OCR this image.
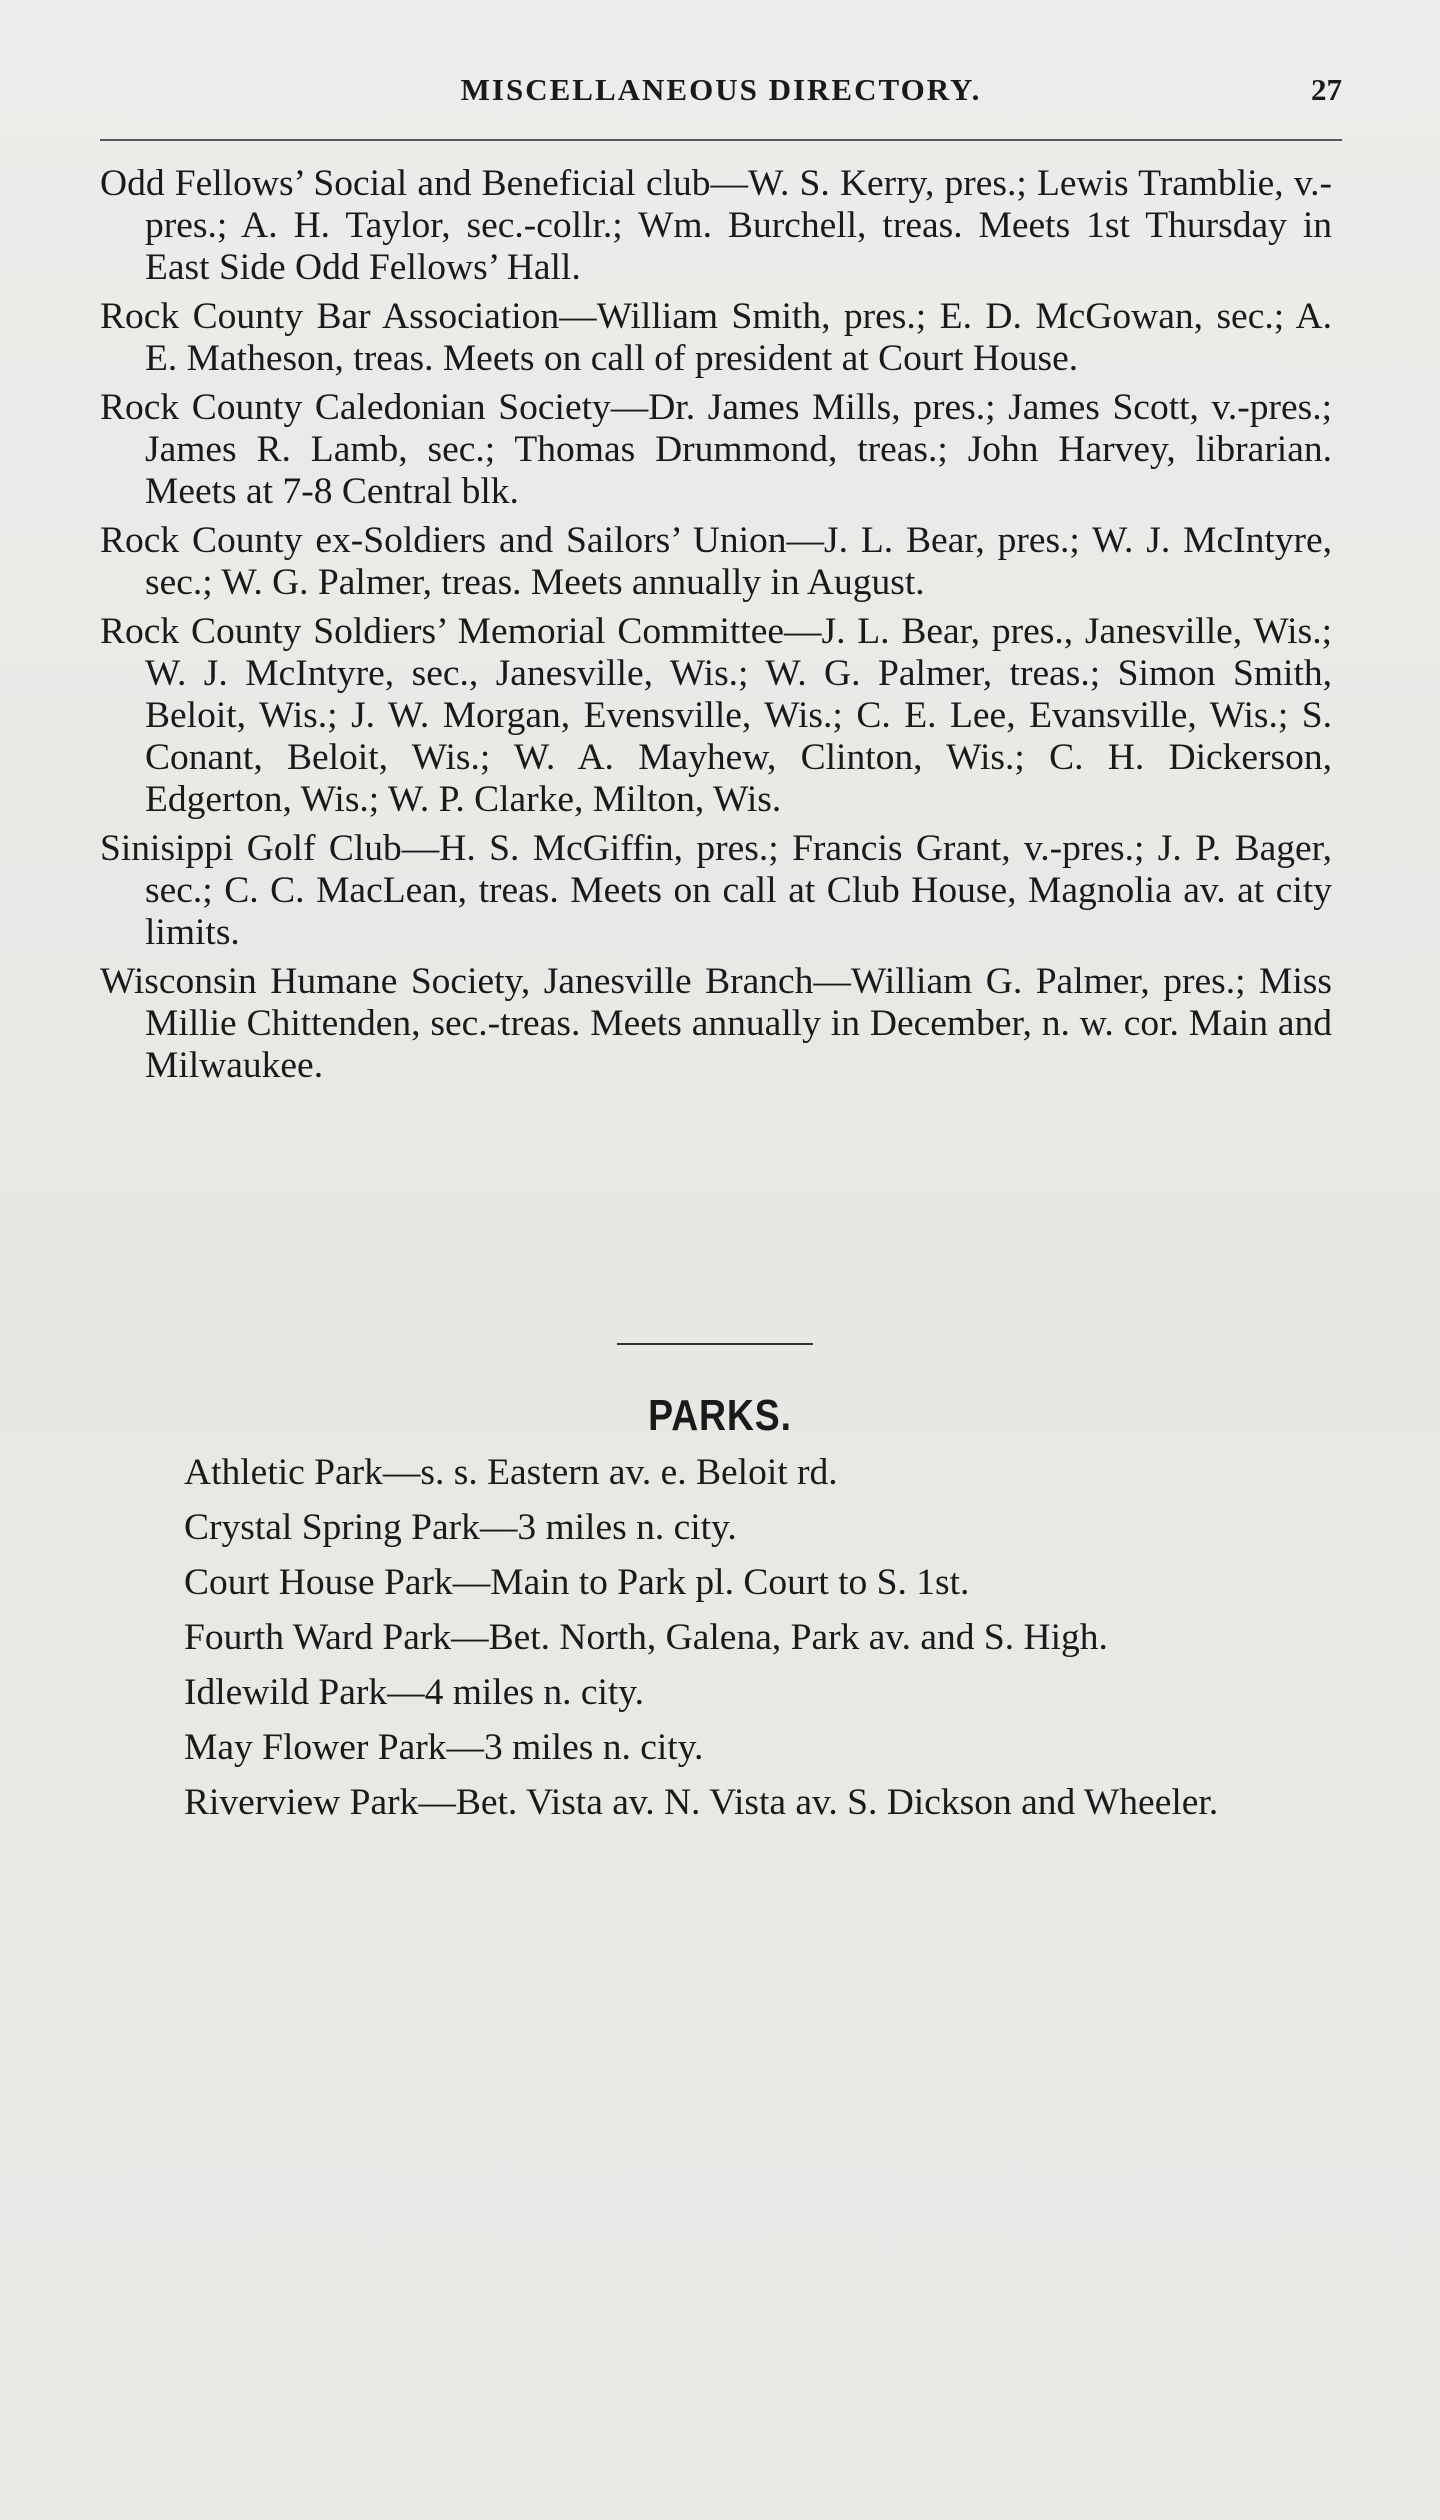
MISCELLANEOUS DIRECTORY.	27
Odd Fellows’ Social and Beneficial club—W. S. Kerry, pres.; Lewis Tramblie, v.-pres.; A. H. Taylor, sec.-collr.; Wm. Burchell, treas. Meets 1st Thursday in East Side Odd Fellows’ Hall.
Rock County Bar Association—William Smith, pres.; E. D. McGowan, sec.; A. E. Matheson, treas. Meets on call of president at Court House.
Rock County Caledonian Society—Dr. James Mills, pres.; James Scott, v.-pres.; James R. Lamb, sec.; Thomas Drummond, treas.; John Harvey, librarian. Meets at 7-8 Central blk.
Rock County ex-Soldiers and Sailors’ Union—J. L. Bear, pres.; W. J. McIntyre, sec.; W. G. Palmer, treas. Meets annually in August.
Rock County Soldiers’ Memorial Committee—J. L. Bear, pres., Janesville, Wis.; W. J. McIntyre, sec., Janesville, Wis.; W. G. Palmer, treas.; Simon Smith, Beloit, Wis.; J. W. Morgan, Evensville, Wis.; C. E. Lee, Evansville, Wis.; S. Conant, Beloit, Wis.; W. A. Mayhew, Clinton, Wis.; C. H. Dickerson, Edgerton, Wis.; W. P. Clarke, Milton, Wis.
Sinisippi Golf Club—H. S. McGiffin, pres.; Francis Grant, v.-pres.; J. P. Bager, sec.; C. C. MacLean, treas. Meets on call at Club House, Magnolia av. at city limits.
Wisconsin Humane Society, Janesville Branch—William G. Palmer, pres.; Miss Millie Chittenden, sec.-treas. Meets annually in December, n. w. cor. Main and Milwaukee.
PARKS.
Athletic Park—s. s. Eastern av. e. Beloit rd.
Crystal Spring Park—3 miles n. city.
Court House Park—Main to Park pl. Court to S. 1st.
Fourth Ward Park—Bet. North, Galena, Park av. and S. High.
Idlewild Park—4 miles n. city.
May Flower Park—3 miles n. city.
Riverview Park—Bet. Vista av. N. Vista av. S. Dickson and Wheeler.
